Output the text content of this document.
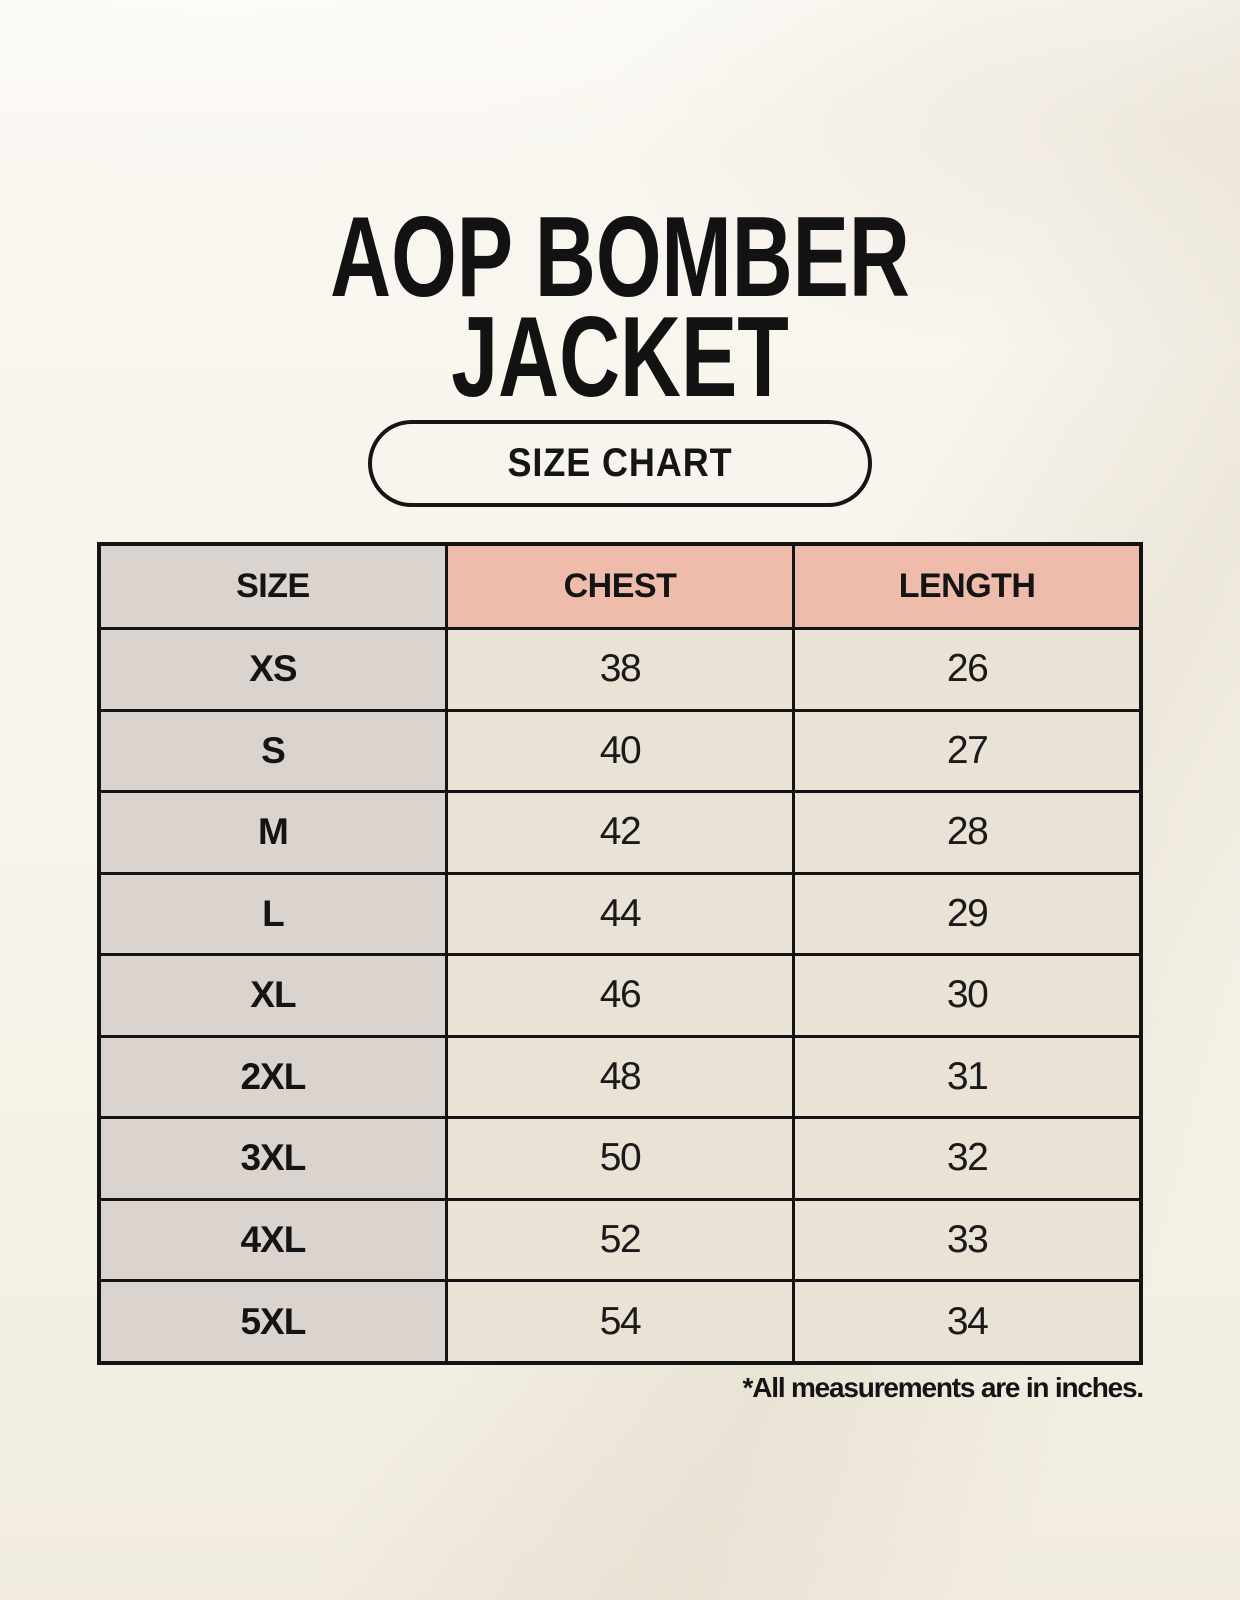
AOP BOMBER
JACKET
SIZE CHART
SIZE	CHEST	LENGTH
XS	38	26
S	40	27
M	42	28
L	44	29
XL	46	30
2XL	48	31
3XL	50	32
4XL	52	33
5XL	54	34
*All measurements are in inches.
